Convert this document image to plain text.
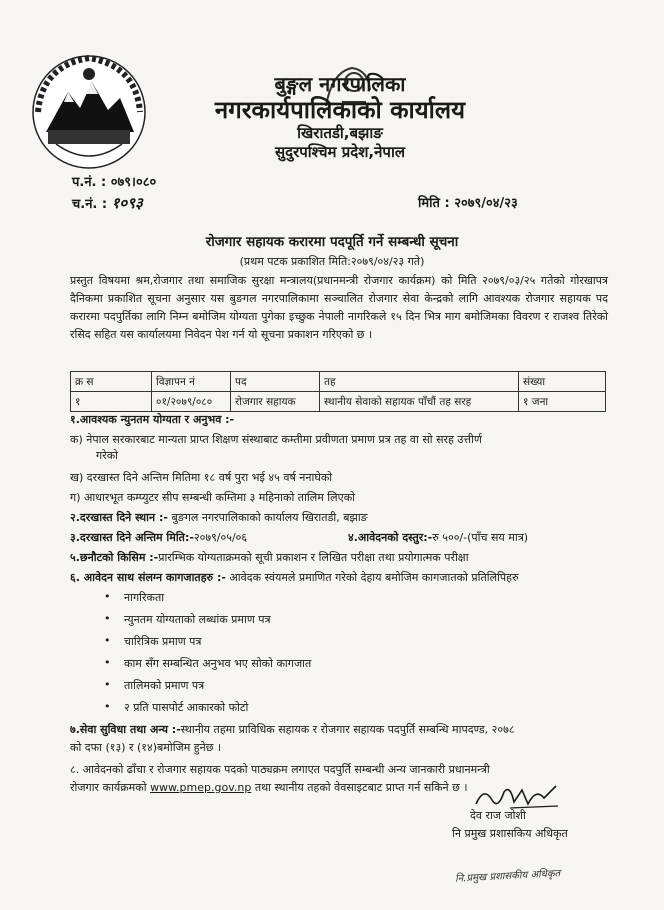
बुङ्गल नगरपालिका
नगरकार्यपालिकाको कार्यालय
खिरातडी,बझाङ
सुदुरपश्चिम प्रदेश,नेपाल
प.नं. : ०७९।०८०
च.नं. : १०९३	मिति : २०७९/०४/२३
रोजगार सहायक करारमा पदपूर्ति गर्ने सम्बन्धी सूचना
(प्रथम पटक प्रकाशित मिति:२०७९/०४/२३ गते)
प्रस्तुत विषयमा श्रम,रोजगार तथा समाजिक सुरक्षा मन्त्रालय(प्रधानमन्त्री रोजगार कार्यक्रम) को मिति २०७९/०३/२५ गतेको गोरखापत्र दैनिकमा प्रकाशित सूचना अनुसार यस बुङगल नगरपालिकामा सञ्चालित रोजगार सेवा केन्द्रको लागि आवश्यक रोजगार सहायक पद करारमा पदपुर्तिका लागि निम्न बमोजिम योग्यता पुगेका इच्छुक नेपाली नागरिकले १५ दिन भित्र माग बमोजिमका विवरण र राजश्व तिरेको रसिद सहित यस कार्यालयमा निवेदन पेश गर्न यो सूचना प्रकाशन गरिएको छ ।
क्र स	विज्ञापन नं	पद	तह	संख्या
१	०१/२०७९/०८०	रोजगार सहायक	स्थानीय सेवाको सहायक पाँचौं तह सरह	१ जना
१.आवश्यक न्युनतम योग्यता र अनुभव :-
क) नेपाल सरकारबाट मान्यता प्राप्त शिक्षण संस्थाबाट कम्तीमा प्रवीणता प्रमाण प्रत्र तह वा सो सरह उत्तीर्ण
गरेको
ख) दरखास्त दिने अन्तिम मितिमा १८ वर्ष पुरा भई ४५ वर्ष ननाघेको
ग) आधारभूत कम्प्युटर सीप सम्बन्धी कम्तिमा ३ महिनाको तालिम लिएको
२.दरखास्त दिने स्थान :- बुङगल नगरपालिकाको कार्यालय खिरातडी, बझाङ
३.दरखास्त दिने अन्तिम मिति:-२०७९/०५/०६	४.आवेदनको दस्तुर:-रु ५००/-(पाँच सय मात्र)
५.छनौटको किसिम :-प्रारम्भिक योग्यताक्रमको सूची प्रकाशन र लिखित परीक्षा तथा प्रयोगात्मक परीक्षा
६. आवेदन साथ संलग्न कागजातहरु :- आवेदक स्वंयमले प्रमाणित गरेको देहाय बमोजिम कागजातको प्रतिलिपिहरु
• नागरिकता
• न्युनतम योग्यताको लब्धांक प्रमाण पत्र
• चारित्रिक प्रमाण पत्र
• काम सँग सम्बन्धित अनुभव भए सोको कागजात
• तालिमको प्रमाण पत्र
• २ प्रति पासपोर्ट आकारको फोटो
७.सेवा सुविधा तथा अन्य :-स्थानीय तहमा प्राविधिक सहायक र रोजगार सहायक पदपुर्ति सम्बन्धि मापदण्ड, २०७८
को दफा (१३) र (१४)बमोजिम हुनेछ ।
८. आवेदनको ढाँचा र रोजगार सहायक पदको पाठ्यक्रम लगाएत पदपुर्ति सम्बन्धी अन्य जानकारी प्रधानमन्त्री
रोजगार कार्यक्रमको www.pmep.gov.np तथा स्थानीय तहको वेवसाइटबाट प्राप्त गर्न सकिने छ ।
देव राज जोशी
नि प्रमुख प्रशासकिय अधिकृत
नि.प्रमुख प्रशासकीय अधिकृत
